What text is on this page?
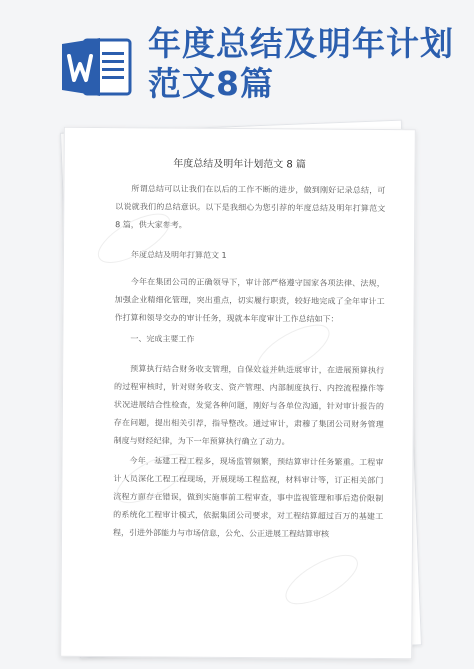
年度总结及明年计划范文8篇
年度总结及明年计划范文 8 篇
所谓总结可以让我们在以后的工作不断的进步，做到刚好记录总结，可以说就我们的总结意识。以下是我细心为您引荐的年度总结及明年打算范文 8 篇，供大家参考。
年度总结及明年打算范文 1
今年在集团公司的正确领导下，审计部严格遵守国家各项法律、法规，加强企业精细化管理，突出重点，切实履行职责，较好地完成了全年审计工作打算和领导交办的审计任务，现就本年度审计工作总结如下：
一、完成主要工作
预算执行结合财务收支管理，自保效益并轨进展审计，在进展预算执行的过程审核时，针对财务收支、资产管理、内部制度执行、内控流程操作等状况进展结合性检查，发觉各种问题，刚好与各单位沟通，针对审计报告的存在问题，提出相关引荐，指导整改。通过审计，肃穆了集团公司财务管理制度与财经纪律，为下一年预算执行确立了动力。
今年，基建工程工程多，现场监管频繁，预结算审计任务繁重。工程审计人员深化工程工程现场，开展现场工程监视，材料审计等，订正相关部门流程方面存在错误，做到实施事前工程审查，事中监视管理和事后造价限制的系统化工程审计模式，依据集团公司要求，对工程结算超过百万的基建工程，引进外部能力与市场信息，公允、公正进展工程结算审核
